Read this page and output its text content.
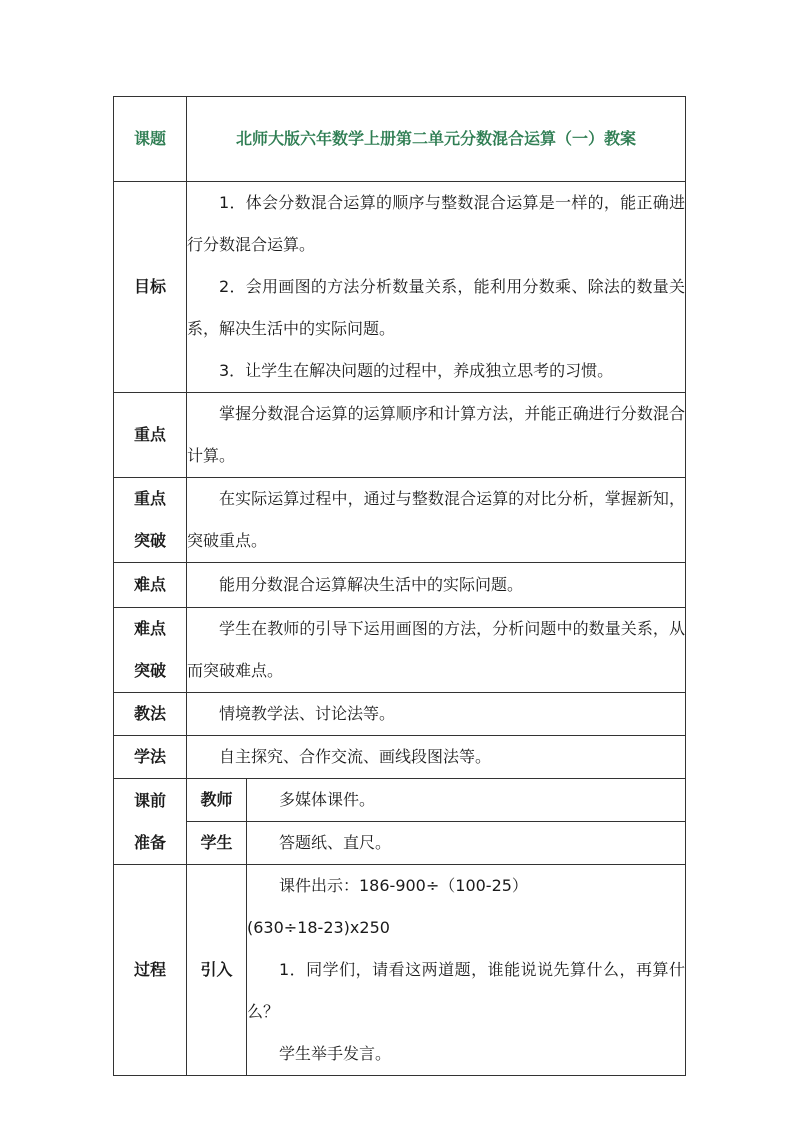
课题	北师大版六年数学上册第二单元分数混合运算（一）教案	
目标	1．体会分数混合运算的顺序与整数混合运算是一样的，能正确进行分数混合运算。

2．会用画图的方法分析数量关系，能利用分数乘、除法的数量关系，解决生活中的实际问题。

3．让学生在解决问题的过程中，养成独立思考的习惯。	

重点	掌握分数混合运算的运算顺序和计算方法，并能正确进行分数混合计算。	

重点
突破	在实际运算过程中，通过与整数混合运算的对比分析，掌握新知，突破重点。	

难点	能用分数混合运算解决生活中的实际问题。	

难点
突破	学生在教师的引导下运用画图的方法，分析问题中的数量关系，从而突破难点。	

教法	情境教学法、讨论法等。	

学法	自主探究、合作交流、画线段图法等。	

课前
准备	教师	多媒体课件。

	学生	答题纸、直尺。

过程	引入	课件出示：186-900÷（100-25）

(630÷18-23)x250

1．同学们，请看这两道题，谁能说说先算什么，再算什么？

学生举手发言。
